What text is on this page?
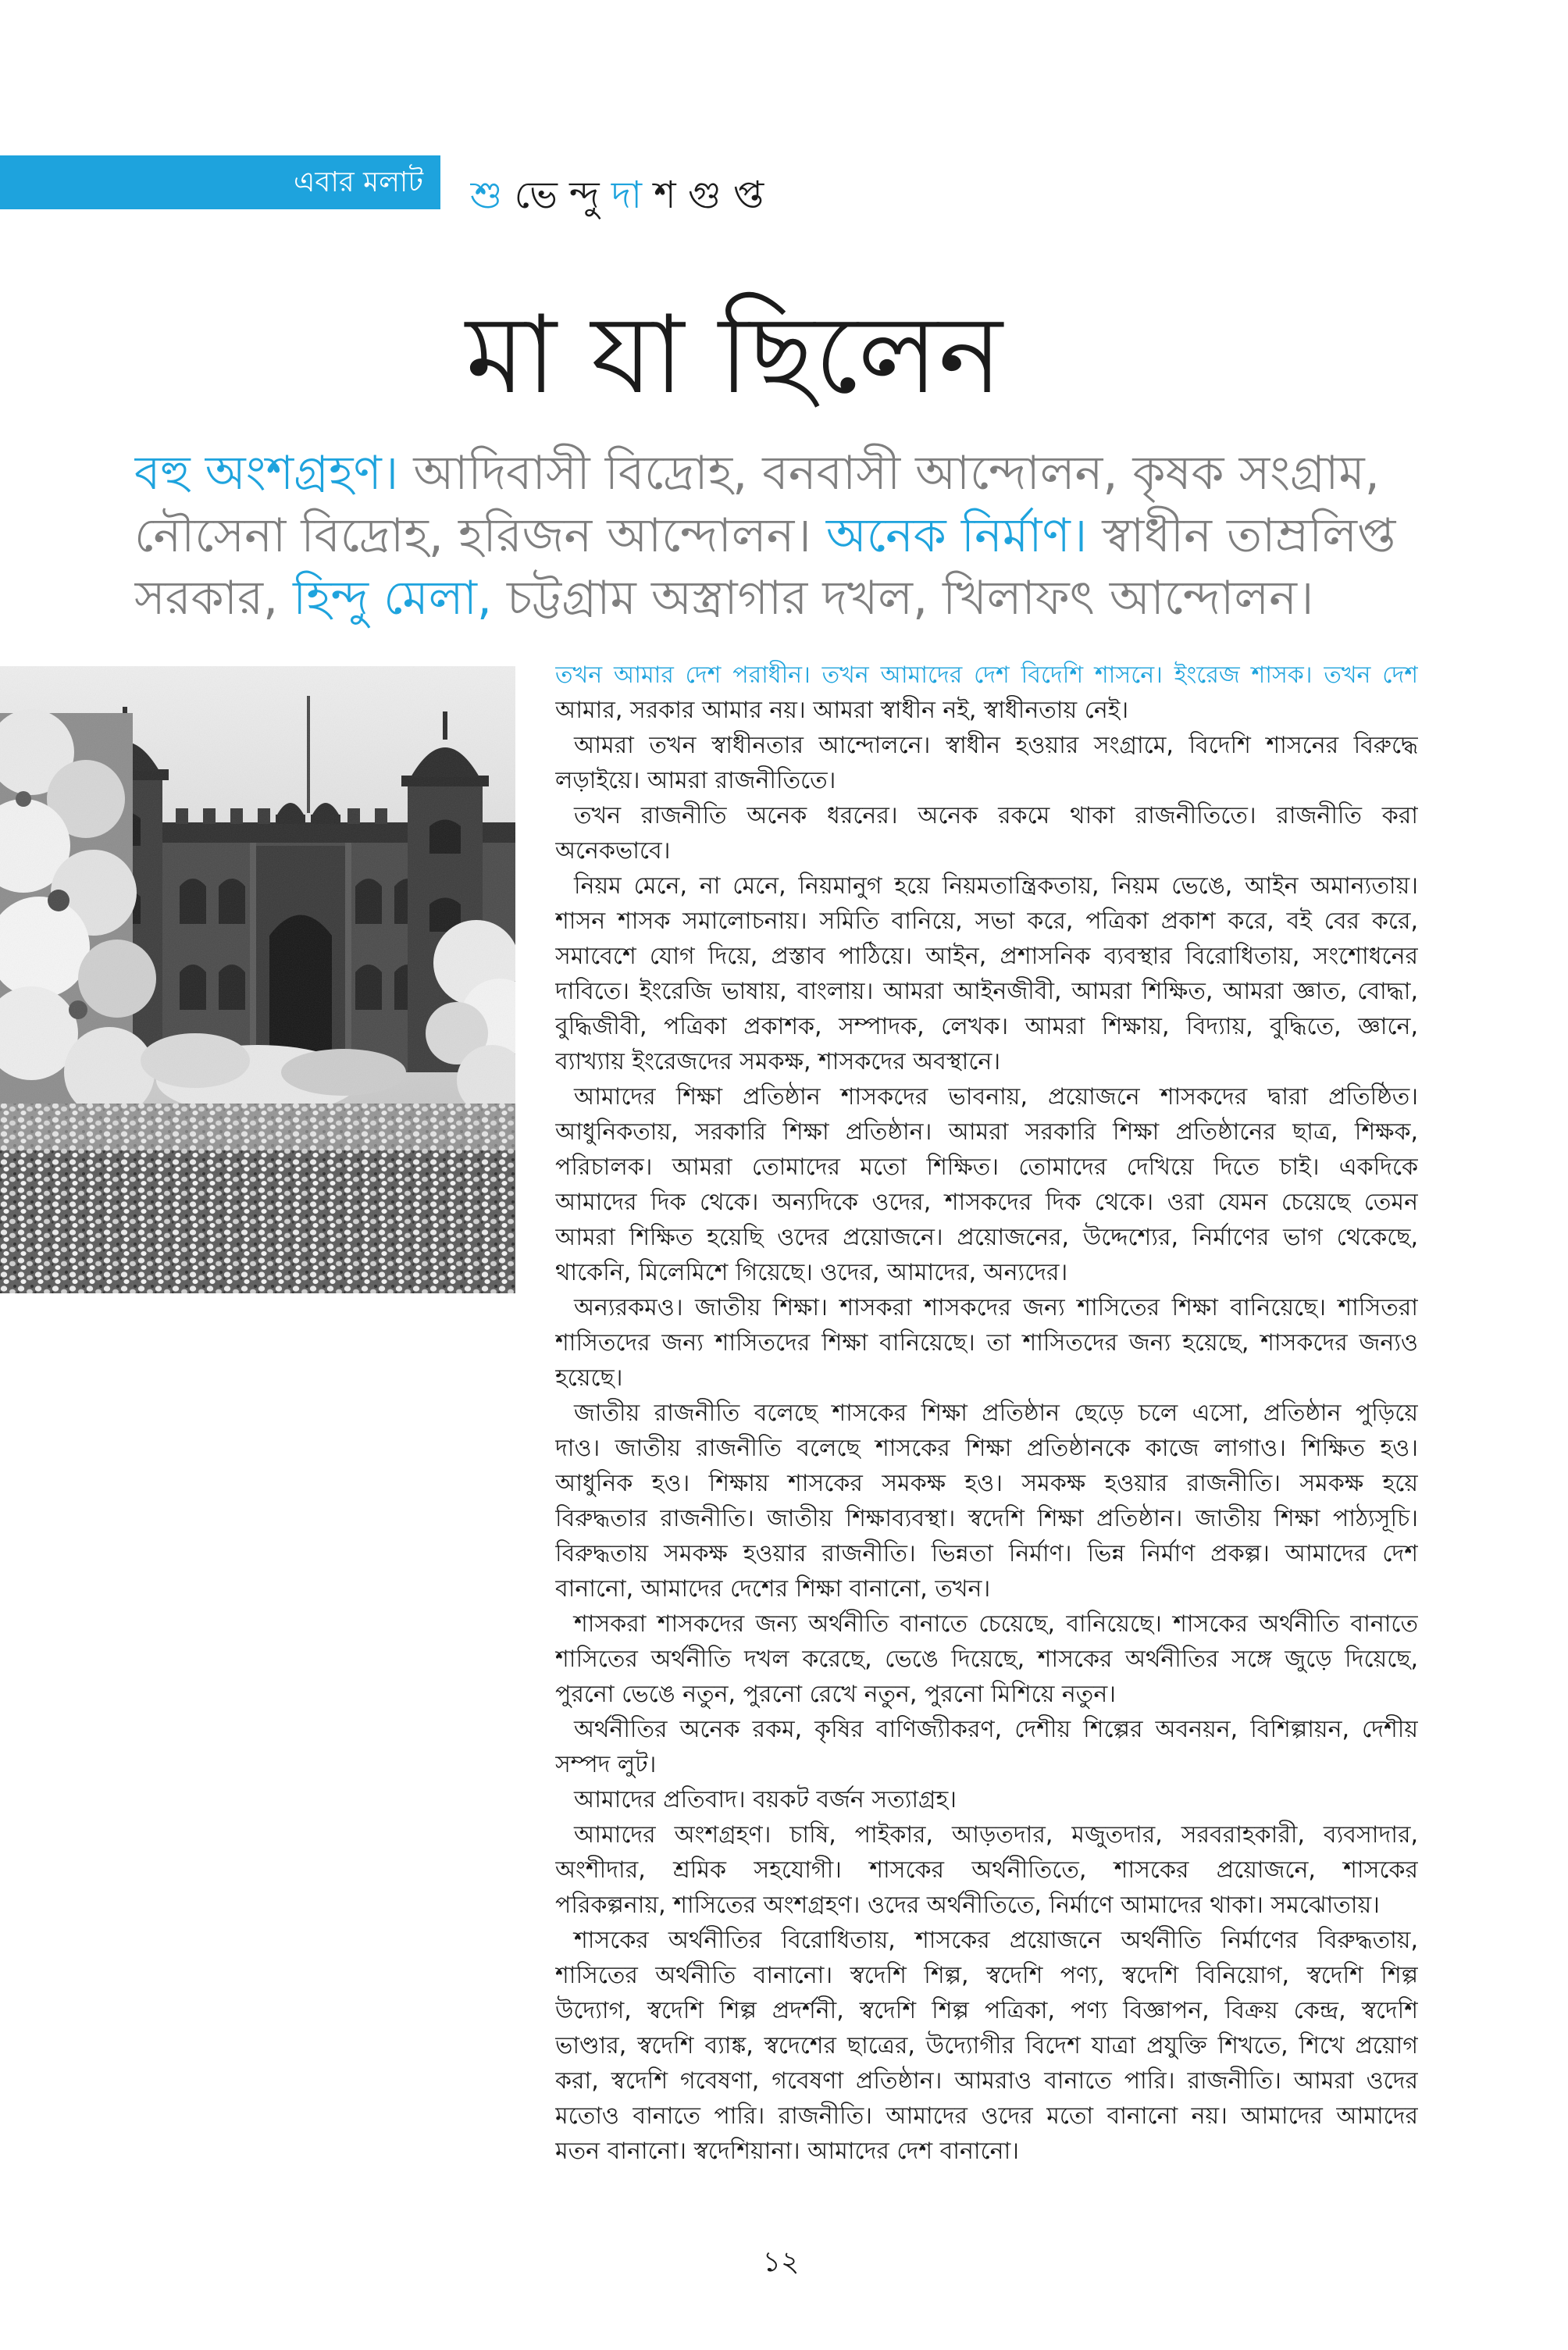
এবার মলাট শু ভে ন্দু দা শ গু প্ত
মা যা ছিলেন
বহু অংশগ্রহণ। আদিবাসী বিদ্রোহ, বনবাসী আন্দোলন, কৃষক সংগ্রাম,
নৌসেনা বিদ্রোহ, হরিজন আন্দোলন। অনেক নির্মাণ। স্বাধীন তাম্রলিপ্ত
সরকার, হিন্দু মেলা, চট্টগ্রাম অস্ত্রাগার দখল, খিলাফৎ আন্দোলন।
তখন আমার দেশ পরাধীন। তখন আমাদের দেশ বিদেশি শাসনে। ইংরেজ শাসক। তখন দেশ
আমার, সরকার আমার নয়। আমরা স্বাধীন নই, স্বাধীনতায় নেই।
আমরা তখন স্বাধীনতার আন্দোলনে। স্বাধীন হওয়ার সংগ্রামে, বিদেশি শাসনের বিরুদ্ধে
লড়াইয়ে। আমরা রাজনীতিতে।
তখন রাজনীতি অনেক ধরনের। অনেক রকমে থাকা রাজনীতিতে। রাজনীতি করা
অনেকভাবে।
নিয়ম মেনে, না মেনে, নিয়মানুগ হয়ে নিয়মতান্ত্রিকতায়, নিয়ম ভেঙে, আইন অমান্যতায়।
শাসন শাসক সমালোচনায়। সমিতি বানিয়ে, সভা করে, পত্রিকা প্রকাশ করে, বই বের করে,
সমাবেশে যোগ দিয়ে, প্রস্তাব পাঠিয়ে। আইন, প্রশাসনিক ব্যবস্থার বিরোধিতায়, সংশোধনের
দাবিতে। ইংরেজি ভাষায়, বাংলায়। আমরা আইনজীবী, আমরা শিক্ষিত, আমরা জ্ঞাত, বোদ্ধা,
বুদ্ধিজীবী, পত্রিকা প্রকাশক, সম্পাদক, লেখক। আমরা শিক্ষায়, বিদ্যায়, বুদ্ধিতে, জ্ঞানে,
ব্যাখ্যায় ইংরেজদের সমকক্ষ, শাসকদের অবস্থানে।
আমাদের শিক্ষা প্রতিষ্ঠান শাসকদের ভাবনায়, প্রয়োজনে শাসকদের দ্বারা প্রতিষ্ঠিত।
আধুনিকতায়, সরকারি শিক্ষা প্রতিষ্ঠান। আমরা সরকারি শিক্ষা প্রতিষ্ঠানের ছাত্র, শিক্ষক,
পরিচালক। আমরা তোমাদের মতো শিক্ষিত। তোমাদের দেখিয়ে দিতে চাই। একদিকে
আমাদের দিক থেকে। অন্যদিকে ওদের, শাসকদের দিক থেকে। ওরা যেমন চেয়েছে তেমন
আমরা শিক্ষিত হয়েছি ওদের প্রয়োজনে। প্রয়োজনের, উদ্দেশ্যের, নির্মাণের ভাগ থেকেছে,
থাকেনি, মিলেমিশে গিয়েছে। ওদের, আমাদের, অন্যদের।
অন্যরকমও। জাতীয় শিক্ষা। শাসকরা শাসকদের জন্য শাসিতের শিক্ষা বানিয়েছে। শাসিতরা
শাসিতদের জন্য শাসিতদের শিক্ষা বানিয়েছে। তা শাসিতদের জন্য হয়েছে, শাসকদের জন্যও
হয়েছে।
জাতীয় রাজনীতি বলেছে শাসকের শিক্ষা প্রতিষ্ঠান ছেড়ে চলে এসো, প্রতিষ্ঠান পুড়িয়ে
দাও। জাতীয় রাজনীতি বলেছে শাসকের শিক্ষা প্রতিষ্ঠানকে কাজে লাগাও। শিক্ষিত হও।
আধুনিক হও। শিক্ষায় শাসকের সমকক্ষ হও। সমকক্ষ হওয়ার রাজনীতি। সমকক্ষ হয়ে
বিরুদ্ধতার রাজনীতি। জাতীয় শিক্ষাব্যবস্থা। স্বদেশি শিক্ষা প্রতিষ্ঠান। জাতীয় শিক্ষা পাঠ্যসূচি।
বিরুদ্ধতায় সমকক্ষ হওয়ার রাজনীতি। ভিন্নতা নির্মাণ। ভিন্ন নির্মাণ প্রকল্প। আমাদের দেশ
বানানো, আমাদের দেশের শিক্ষা বানানো, তখন।
শাসকরা শাসকদের জন্য অর্থনীতি বানাতে চেয়েছে, বানিয়েছে। শাসকের অর্থনীতি বানাতে
শাসিতের অর্থনীতি দখল করেছে, ভেঙে দিয়েছে, শাসকের অর্থনীতির সঙ্গে জুড়ে দিয়েছে,
পুরনো ভেঙে নতুন, পুরনো রেখে নতুন, পুরনো মিশিয়ে নতুন।
অর্থনীতির অনেক রকম, কৃষির বাণিজ্যীকরণ, দেশীয় শিল্পের অবনয়ন, বিশিল্পায়ন, দেশীয়
সম্পদ লুট।
আমাদের প্রতিবাদ। বয়কট বর্জন সত্যাগ্রহ।
আমাদের অংশগ্রহণ। চাষি, পাইকার, আড়তদার, মজুতদার, সরবরাহকারী, ব্যবসাদার,
অংশীদার, শ্রমিক সহযোগী। শাসকের অর্থনীতিতে, শাসকের প্রয়োজনে, শাসকের
পরিকল্পনায়, শাসিতের অংশগ্রহণ। ওদের অর্থনীতিতে, নির্মাণে আমাদের থাকা। সমঝোতায়।
শাসকের অর্থনীতির বিরোধিতায়, শাসকের প্রয়োজনে অর্থনীতি নির্মাণের বিরুদ্ধতায়,
শাসিতের অর্থনীতি বানানো। স্বদেশি শিল্প, স্বদেশি পণ্য, স্বদেশি বিনিয়োগ, স্বদেশি শিল্প
উদ্যোগ, স্বদেশি শিল্প প্রদর্শনী, স্বদেশি শিল্প পত্রিকা, পণ্য বিজ্ঞাপন, বিক্রয় কেন্দ্র, স্বদেশি
ভাণ্ডার, স্বদেশি ব্যাঙ্ক, স্বদেশের ছাত্রের, উদ্যোগীর বিদেশ যাত্রা প্রযুক্তি শিখতে, শিখে প্রয়োগ
করা, স্বদেশি গবেষণা, গবেষণা প্রতিষ্ঠান। আমরাও বানাতে পারি। রাজনীতি। আমরা ওদের
মতোও বানাতে পারি। রাজনীতি। আমাদের ওদের মতো বানানো নয়। আমাদের আমাদের
মতন বানানো। স্বদেশিয়ানা। আমাদের দেশ বানানো।
১২
